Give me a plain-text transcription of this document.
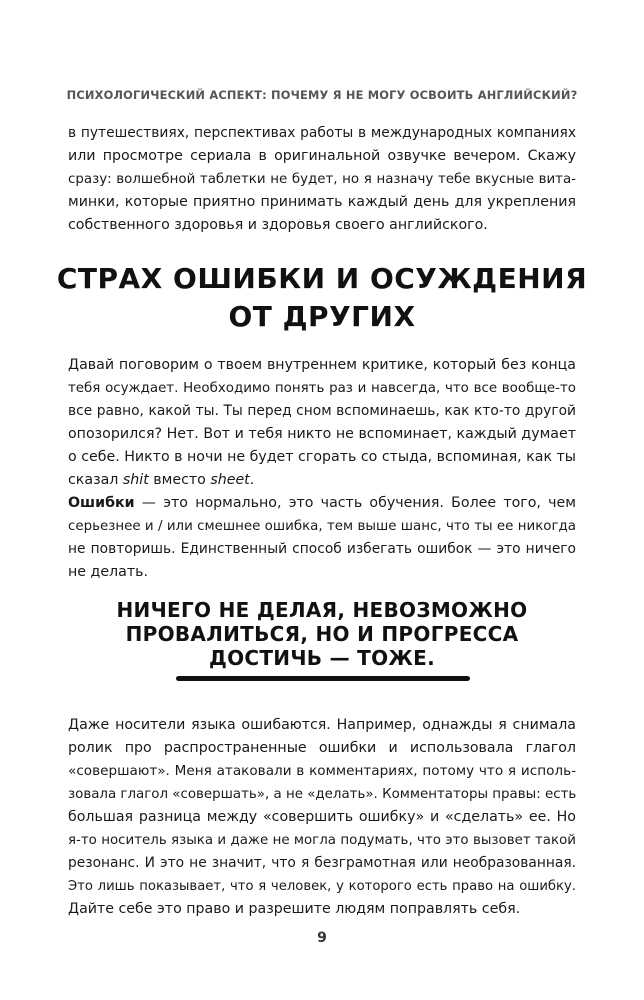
ПСИХОЛОГИЧЕСКИЙ АСПЕКТ: ПОЧЕМУ Я НЕ МОГУ ОСВОИТЬ АНГЛИЙСКИЙ?

в путешествиях, перспективах работы в международных компаниях
или просмотре сериала в оригинальной озвучке вечером. Скажу
сразу: волшебной таблетки не будет, но я назначу тебе вкусные вита-
минки, которые приятно принимать каждый день для укрепления
собственного здоровья и здоровья своего английского.

СТРАХ ОШИБКИ И ОСУЖДЕНИЯ
ОТ ДРУГИХ

Давай поговорим о твоем внутреннем критике, который без конца
тебя осуждает. Необходимо понять раз и навсегда, что все вообще-то
все равно, какой ты. Ты перед сном вспоминаешь, как кто-то другой
опозорился? Нет. Вот и тебя никто не вспоминает, каждый думает
о себе. Никто в ночи не будет сгорать со стыда, вспоминая, как ты
сказал shit вместо sheet.

Ошибки — это нормально, это часть обучения. Более того, чем
серьезнее и / или смешнее ошибка, тем выше шанс, что ты ее никогда
не повторишь. Единственный способ избегать ошибок — это ничего
не делать.

НИЧЕГО НЕ ДЕЛАЯ, НЕВОЗМОЖНО
ПРОВАЛИТЬСЯ, НО И ПРОГРЕССА
ДОСТИЧЬ — ТОЖЕ.

Даже носители языка ошибаются. Например, однажды я снимала
ролик про распространенные ошибки и использовала глагол
«совершают». Меня атаковали в комментариях, потому что я исполь-
зовала глагол «совершать», а не «делать». Комментаторы правы: есть
большая разница между «совершить ошибку» и «сделать» ее. Но
я-то носитель языка и даже не могла подумать, что это вызовет такой
резонанс. И это не значит, что я безграмотная или необразованная.
Это лишь показывает, что я человек, у которого есть право на ошибку.
Дайте себе это право и разрешите людям поправлять себя.

9
